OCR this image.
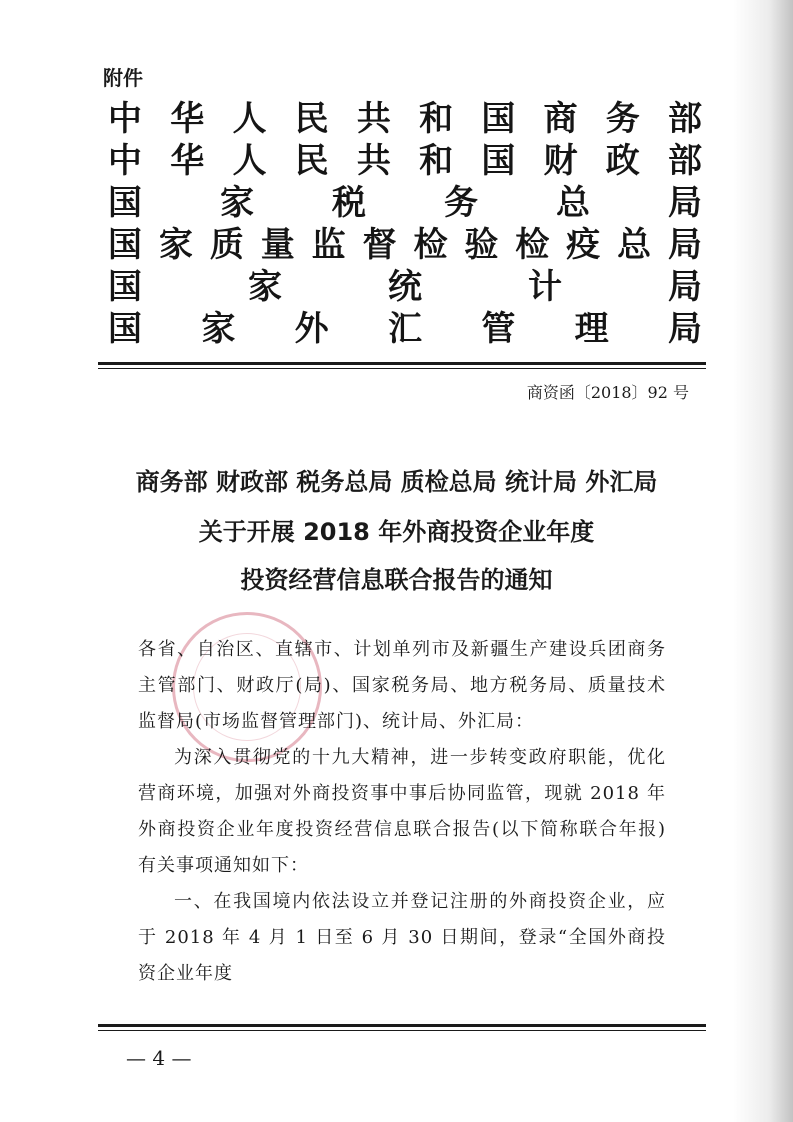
附件
中 华 人 民 共 和 国 商 务 部
中 华 人 民 共 和 国 财 政 部
国 家 税 务 总 局
国 家 质 量 监 督 检 验 检 疫 总 局
国	家	统	计	局
国 家 外 汇 管 理 局
商资函〔2018〕92 号
商务部 财政部 税务总局 质检总局 统计局 外汇局
关于开展 2018 年外商投资企业年度
投资经营信息联合报告的通知

各省、自治区、直辖市、计划单列市及新疆生产建设兵团商务主管部门、财政厅(局)、国家税务局、地方税务局、质量技术监督局(市场监督管理部门)、统计局、外汇局：

为深入贯彻党的十九大精神，进一步转变政府职能，优化营商环境，加强对外商投资事中事后协同监管，现就 2018 年外商投资企业年度投资经营信息联合报告(以下简称联合年报)有关事项通知如下：

一、在我国境内依法设立并登记注册的外商投资企业，应于 2018 年 4 月 1 日至 6 月 30 日期间，登录“全国外商投资企业年度

— 4 —
